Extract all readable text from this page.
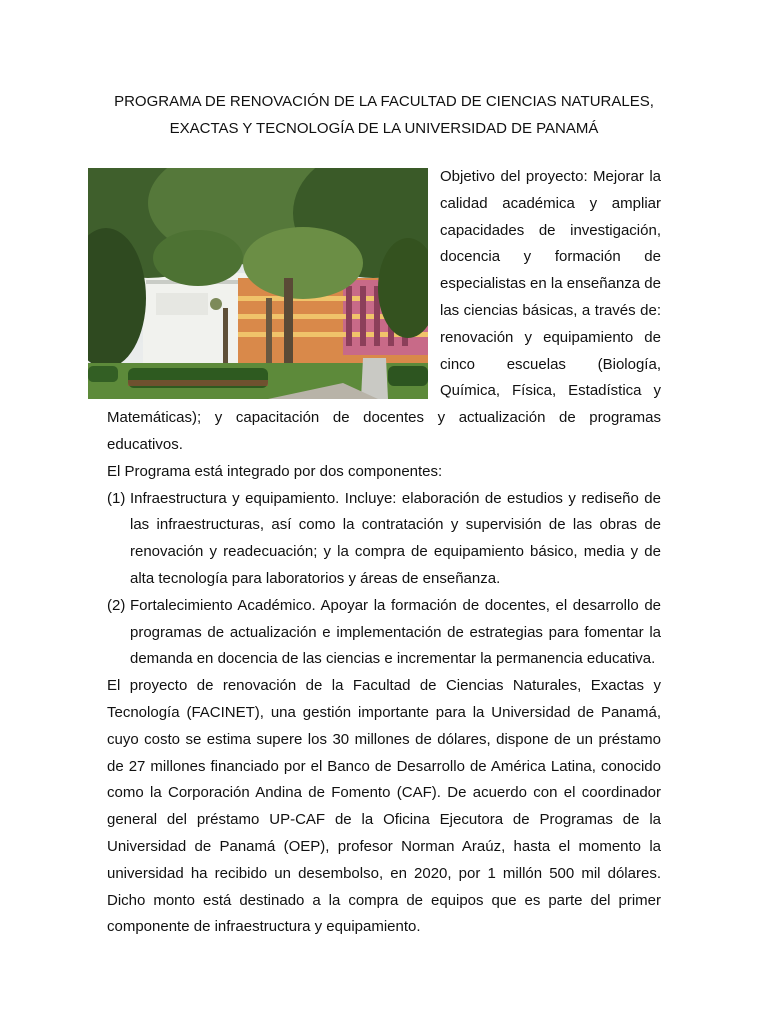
PROGRAMA DE RENOVACIÓN DE LA FACULTAD DE CIENCIAS NATURALES,
EXACTAS Y TECNOLOGÍA DE LA UNIVERSIDAD DE PANAMÁ

Objetivo del proyecto: Mejorar la calidad académica y ampliar capacidades de investigación, docencia y formación de especialistas en la enseñanza de las ciencias básicas, a través de: renovación y equipamiento de cinco escuelas (Biología, Química, Física, Estadística y Matemáticas); y capacitación de docentes y actualización de programas educativos.

El Programa está integrado por dos componentes:

(1) Infraestructura y equipamiento. Incluye: elaboración de estudios y rediseño de las infraestructuras, así como la contratación y supervisión de las obras de renovación y readecuación; y la compra de equipamiento básico, media y de alta tecnología para laboratorios y áreas de enseñanza.
(2) Fortalecimiento Académico. Apoyar la formación de docentes, el desarrollo de programas de actualización e implementación de estrategias para fomentar la demanda en docencia de las ciencias e incrementar la permanencia educativa.

El proyecto de renovación de la Facultad de Ciencias Naturales, Exactas y Tecnología (FACINET), una gestión importante para la Universidad de Panamá, cuyo costo se estima supere los 30 millones de dólares, dispone de un préstamo de 27 millones financiado por el Banco de Desarrollo de América Latina, conocido como la Corporación Andina de Fomento (CAF). De acuerdo con el coordinador general del préstamo UP-CAF de la Oficina Ejecutora de Programas de la Universidad de Panamá (OEP), profesor Norman Araúz, hasta el momento la universidad ha recibido un desembolso, en 2020, por 1 millón 500 mil dólares. Dicho monto está destinado a la compra de equipos que es parte del primer componente de infraestructura y equipamiento.
